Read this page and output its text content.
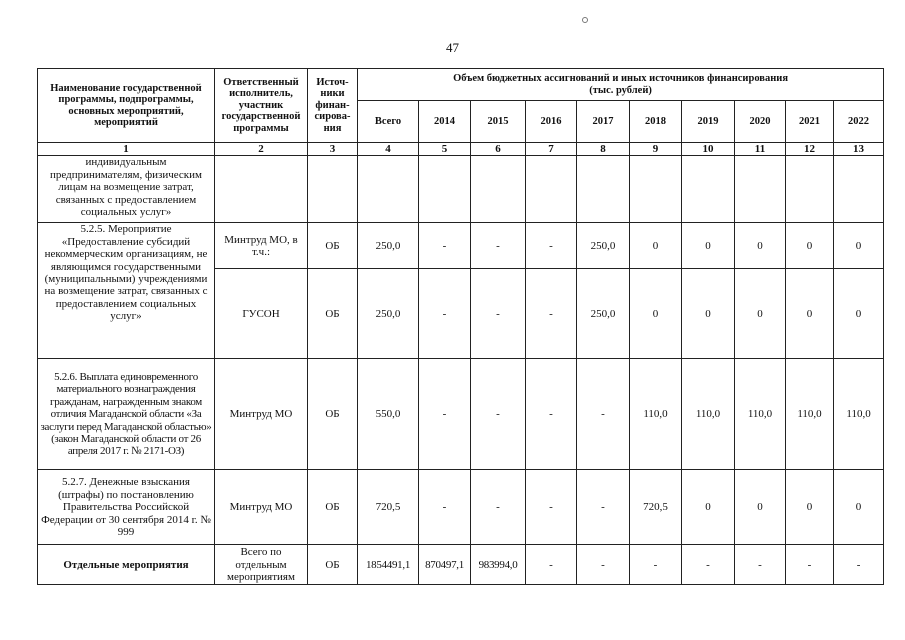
47
Наименование государственной программы, подпрограммы, основных мероприятий, мероприятий	Ответственный исполнитель, участник государственной программы	Источ-ники финан-сирова-ния	Объем бюджетных ассигнований и иных источников финансирования
(тыс. рублей)									
			Всего	2014	2015	2016	2017	2018	2019	2020	2021	2022
1	2	3	4	5	6	7	8	9	10	11	12	13
индивидуальным предпринимателям, физическим лицам на возмещение затрат, связанных с предоставлением социальных услуг»												
5.2.5. Мероприятие «Предоставление субсидий некоммерческим организациям, не являющимся государственными (муниципальными) учреждениями на возмещение затрат, связанных с предоставлением социальных услуг»	Минтруд МО, в т.ч.:	ОБ	250,0	-	-	-	250,0	0	0	0	0	0
	ГУСОН	ОБ	250,0	-	-	-	250,0	0	0	0	0	0
5.2.6. Выплата единовременного материального вознаграждения гражданам, награжденным знаком отличия Магаданской области «За заслуги перед Магаданской областью» (закон Магаданской области от 26 апреля 2017 г. № 2171-ОЗ)	Минтруд МО	ОБ	550,0	-	-	-	-	110,0	110,0	110,0	110,0	110,0
5.2.7. Денежные взыскания (штрафы) по постановлению Правительства Российской Федерации от 30 сентября 2014 г. № 999	Минтруд МО	ОБ	720,5	-	-	-	-	720,5	0	0	0	0
Отдельные мероприятия	Всего по отдельным мероприятиям	ОБ	1854491,1	870497,1	983994,0	-	-	-	-	-	-	-
